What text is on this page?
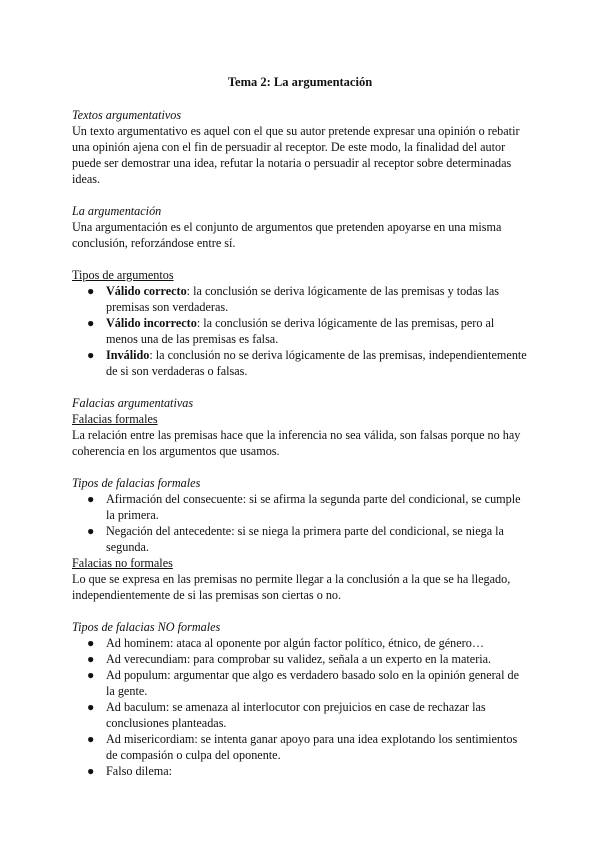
Tema 2: La argumentación
Textos argumentativos

Un texto argumentativo es aquel con el que su autor pretende expresar una opinión o rebatir una opinión ajena con el fin de persuadir al receptor. De este modo, la finalidad del autor puede ser demostrar una idea, refutar la notaria o persuadir al receptor sobre determinadas ideas.

La argumentación

Una argumentación es el conjunto de argumentos que pretenden apoyarse en una misma conclusión, reforzándose entre sí.

Tipos de argumentos
● Válido correcto: la conclusión se deriva lógicamente de las premisas y todas las premisas son verdaderas.
● Válido incorrecto: la conclusión se deriva lógicamente de las premisas, pero al menos una de las premisas es falsa.
● Inválido: la conclusión no se deriva lógicamente de las premisas, independientemente de si son verdaderas o falsas.
Falacias argumentativas
Falacias formales

La relación entre las premisas hace que la inferencia no sea válida, son falsas porque no hay coherencia en los argumentos que usamos.

Tipos de falacias formales
● Afirmación del consecuente: si se afirma la segunda parte del condicional, se cumple la primera.
● Negación del antecedente: si se niega la primera parte del condicional, se niega la segunda.
Falacias no formales

Lo que se expresa en las premisas no permite llegar a la conclusión a la que se ha llegado, independientemente de si las premisas son ciertas o no.

Tipos de falacias NO formales
● Ad hominem: ataca al oponente por algún factor político, étnico, de género…
● Ad verecundiam: para comprobar su validez, señala a un experto en la materia.
● Ad populum: argumentar que algo es verdadero basado solo en la opinión general de la gente.
● Ad baculum: se amenaza al interlocutor con prejuicios en case de rechazar las conclusiones planteadas.
● Ad misericordiam: se intenta ganar apoyo para una idea explotando los sentimientos de compasión o culpa del oponente.
● Falso dilema:
